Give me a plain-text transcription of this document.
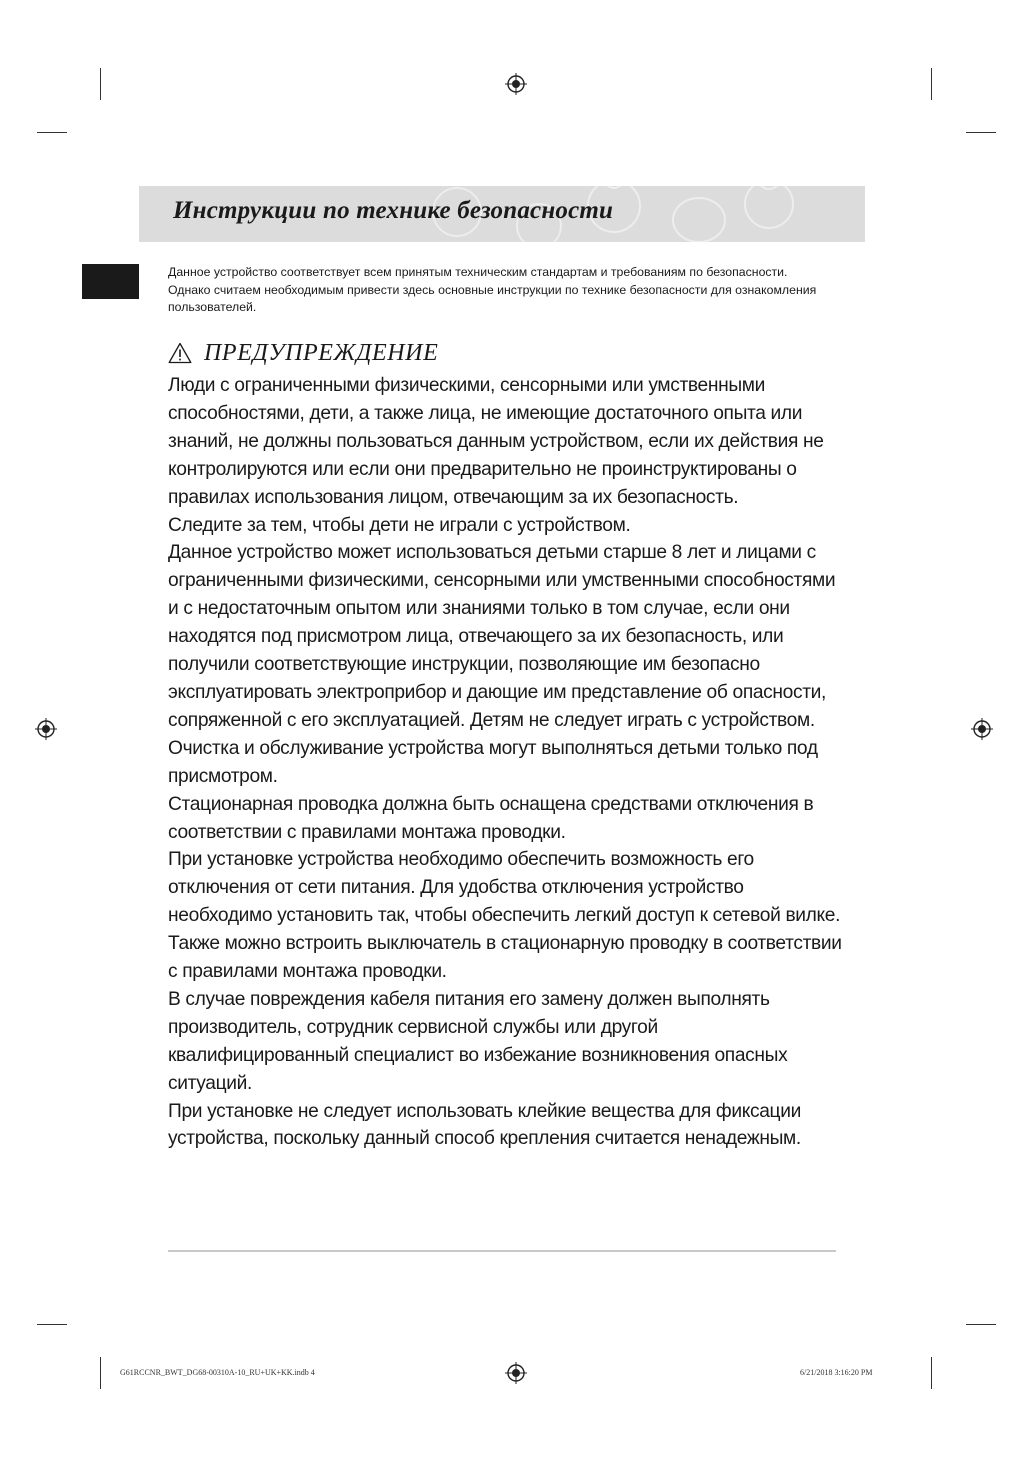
Инструкции по технике безопасности

Данное устройство соответствует всем принятым техническим стандартам и требованиям по безопасности. Однако считаем необходимым привести здесь основные инструкции по технике безопасности для ознакомления пользователей.

ПРЕДУПРЕЖДЕНИЕ

Люди с ограниченными физическими, сенсорными или умственными способностями, дети, а также лица, не имеющие достаточного опыта или знаний, не должны пользоваться данным устройством, если их действия не контролируются или если они предварительно не проинструктированы о правилах использования лицом, отвечающим за их безопасность.

Следите за тем, чтобы дети не играли с устройством.

Данное устройство может использоваться детьми старше 8 лет и лицами с ограниченными физическими, сенсорными или умственными способностями и с недостаточным опытом или знаниями только в том случае, если они находятся под присмотром лица, отвечающего за их безопасность, или получили соответствующие инструкции, позволяющие им безопасно эксплуатировать электроприбор и дающие им представление об опасности, сопряженной с его эксплуатацией. Детям не следует играть с устройством.

Очистка и обслуживание устройства могут выполняться детьми только под присмотром.

Стационарная проводка должна быть оснащена средствами отключения в соответствии с правилами монтажа проводки.

При установке устройства необходимо обеспечить возможность его отключения от сети питания. Для удобства отключения устройство необходимо установить так, чтобы обеспечить легкий доступ к сетевой вилке. Также можно встроить выключатель в стационарную проводку в соответствии с правилами монтажа проводки.

В случае повреждения кабеля питания его замену должен выполнять производитель, сотрудник сервисной службы или другой квалифицированный специалист во избежание возникновения опасных ситуаций.

При установке не следует использовать клейкие вещества для фиксации устройства, поскольку данный способ крепления считается ненадежным.

G61RCCNR_BWT_DG68-00310A-10_RU+UK+KK.indb 4	6/21/2018 3:16:20 PM
